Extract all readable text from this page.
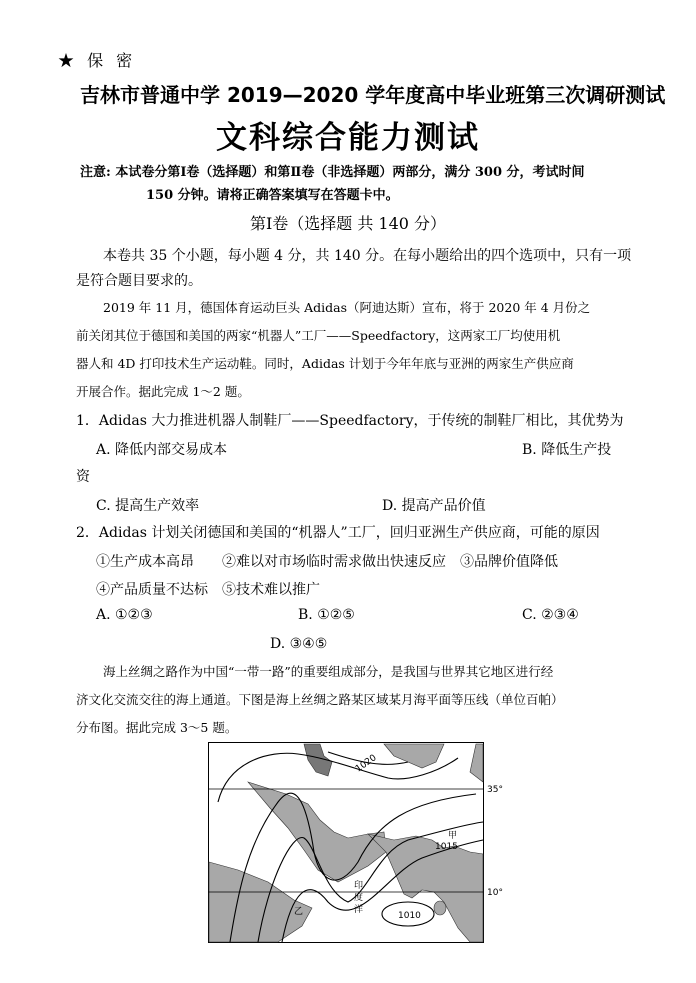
★ 保 密
吉林市普通中学 2019—2020 学年度高中毕业班第三次调研测试
文科综合能力测试
注意: 本试卷分第Ⅰ卷（选择题）和第Ⅱ卷（非选择题）两部分，满分 300 分，考试时间
150 分钟。请将正确答案填写在答题卡中。
第Ⅰ卷（选择题 共 140 分）
本卷共 35 个小题，每小题 4 分，共 140 分。在每小题给出的四个选项中，只有一项
是符合题目要求的。
2019 年 11 月，德国体育运动巨头 Adidas（阿迪达斯）宣布，将于 2020 年 4 月份之
前关闭其位于德国和美国的两家“机器人”工厂——Speedfactory，这两家工厂均使用机
器人和 4D 打印技术生产运动鞋。同时，Adidas 计划于今年年底与亚洲的两家生产供应商
开展合作。据此完成 1～2 题。
1．Adidas 大力推进机器人制鞋厂——Speedfactory，于传统的制鞋厂相比，其优势为
A. 降低内部交易成本	B. 降低生产投
资
C. 提高生产效率	D. 提高产品价值
2．Adidas 计划关闭德国和美国的“机器人”工厂，回归亚洲生产供应商，可能的原因
①生产成本高昂 ②难以对市场临时需求做出快速反应 ③品牌价值降低
④产品质量不达标 ⑤技术难以推广
A. ①②③	B. ①②⑤	C. ②③④
D. ③④⑤
海上丝绸之路作为中国“一带一路”的重要组成部分，是我国与世界其它地区进行经
济文化交流交往的海上通道。下图是海上丝绸之路某区域某月海平面等压线（单位百帕）
分布图。据此完成 3～5 题。
1020
1015
1010
甲
乙
印
度
洋
35°
10°
